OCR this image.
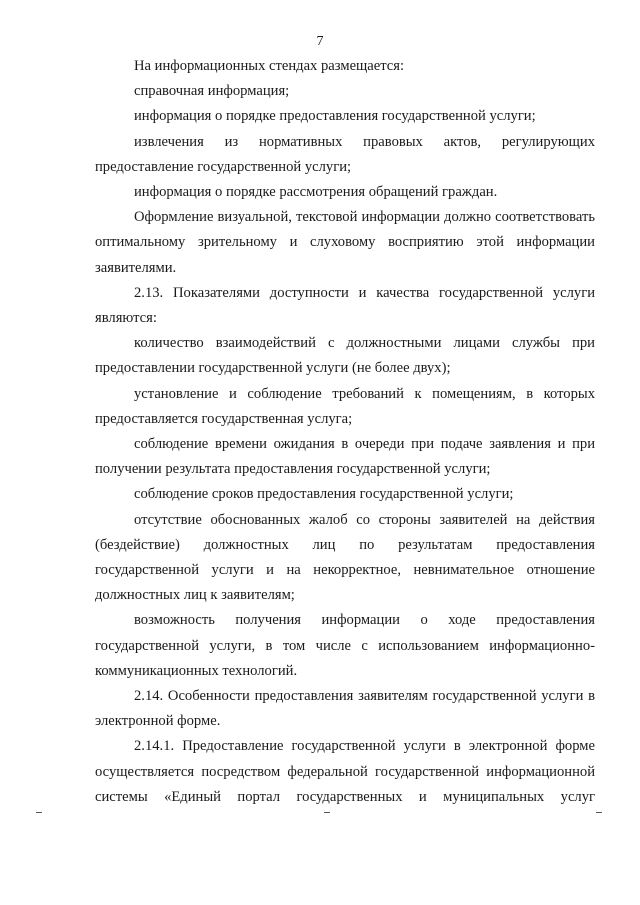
7

На информационных стендах размещается:

справочная информация;

информация о порядке предоставления государственной услуги;

извлечения из нормативных правовых актов, регулирующих предоставление государственной услуги;

информация о порядке рассмотрения обращений граждан.

Оформление визуальной, текстовой информации должно соответствовать оптимальному зрительному и слуховому восприятию этой информации заявителями.

2.13. Показателями доступности и качества государственной услуги являются:

количество взаимодействий с должностными лицами службы при предоставлении государственной услуги (не более двух);

установление и соблюдение требований к помещениям, в которых предоставляется государственная услуга;

соблюдение времени ожидания в очереди при подаче заявления и при получении результата предоставления государственной услуги;

соблюдение сроков предоставления государственной услуги;

отсутствие обоснованных жалоб со стороны заявителей на действия (бездействие) должностных лиц по результатам предоставления государственной услуги и на некорректное, невнимательное отношение должностных лиц к заявителям;

возможность получения информации о ходе предоставления государственной услуги, в том числе с использованием информационно-коммуникационных технологий.

2.14. Особенности предоставления заявителям государственной услуги в электронной форме.

2.14.1. Предоставление государственной услуги в электронной форме осуществляется посредством федеральной государственной информационной системы «Единый портал государственных и муниципальных услуг
